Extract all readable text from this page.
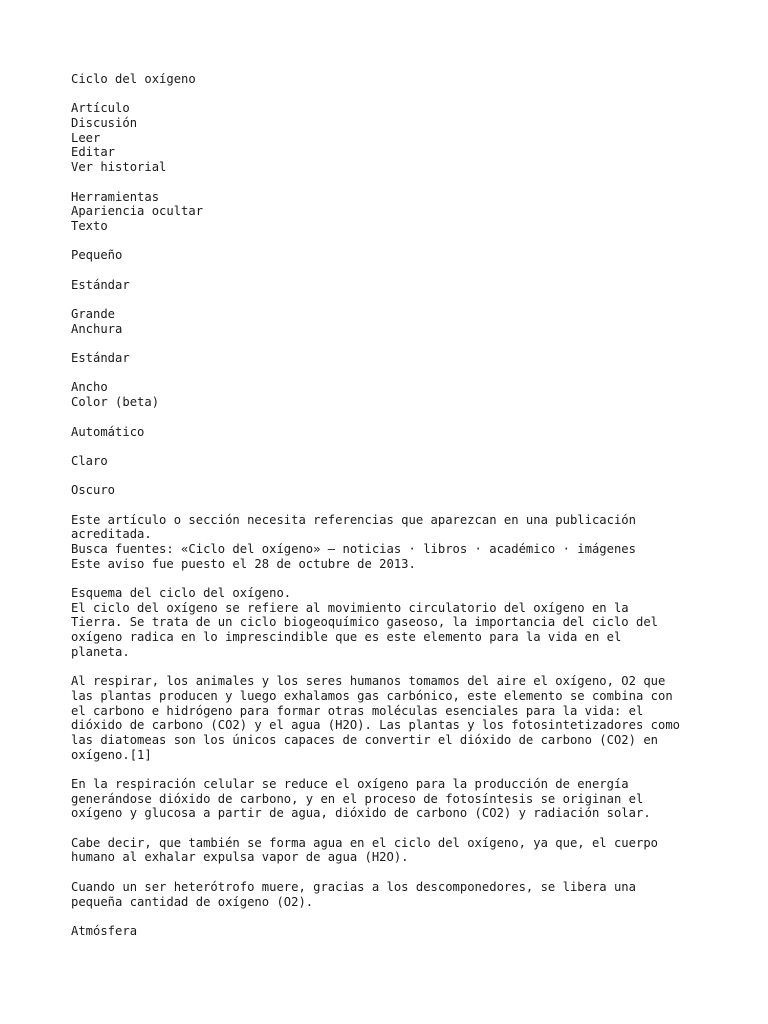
Ciclo del oxígeno
Artículo
Discusión
Leer
Editar
Ver historial
Herramientas
Apariencia ocultar
Texto
Pequeño
Estándar
Grande
Anchura
Estándar
Ancho
Color (beta)
Automático
Claro
Oscuro
Este artículo o sección necesita referencias que aparezcan en una publicación
acreditada.
Busca fuentes: «Ciclo del oxígeno» – noticias · libros · académico · imágenes
Este aviso fue puesto el 28 de octubre de 2013.
Esquema del ciclo del oxígeno.
El ciclo del oxígeno se refiere al movimiento circulatorio del oxígeno en la
Tierra. Se trata de un ciclo biogeoquímico gaseoso, la importancia del ciclo del
oxígeno radica en lo imprescindible que es este elemento para la vida en el
planeta.
Al respirar, los animales y los seres humanos tomamos del aire el oxígeno, O2 que
las plantas producen y luego exhalamos gas carbónico, este elemento se combina con
el carbono e hidrógeno para formar otras moléculas esenciales para la vida: el
dióxido de carbono (CO2) y el agua (H2O). Las plantas y los fotosintetizadores como
las diatomeas son los únicos capaces de convertir el dióxido de carbono (CO2) en
oxígeno.[1]
En la respiración celular se reduce el oxígeno para la producción de energía
generándose dióxido de carbono, y en el proceso de fotosíntesis se originan el
oxígeno y glucosa a partir de agua, dióxido de carbono (CO2) y radiación solar.
Cabe decir, que también se forma agua en el ciclo del oxígeno, ya que, el cuerpo
humano al exhalar expulsa vapor de agua (H2O).
Cuando un ser heterótrofo muere, gracias a los descomponedores, se libera una
pequeña cantidad de oxígeno (O2).
Atmósfera
